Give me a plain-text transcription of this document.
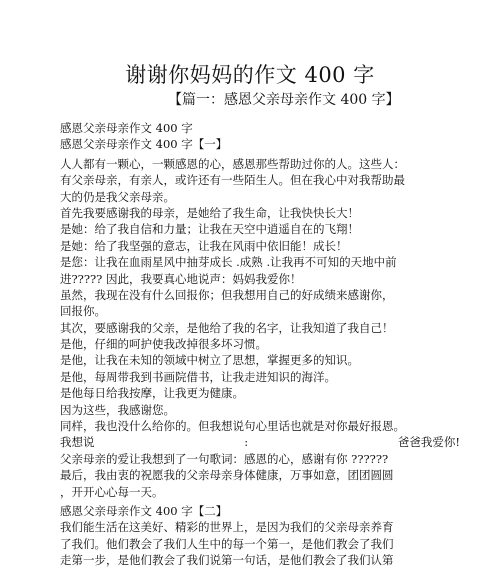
谢谢你妈妈的作文 400 字
【篇一：感恩父亲母亲作文 400 字】
感恩父亲母亲作文 400 字
感恩父亲母亲作文 400 字【一】
人人都有一颗心，一颗感恩的心，感恩那些帮助过你的人。这些人：
有父亲母亲，有亲人，或许还有一些陌生人。但在我心中对我帮助最
大的仍是我父亲母亲。
首先我要感谢我的母亲，是她给了我生命，让我快快长大！
是她：给了我自信和力量；让我在天空中逍遥自在的飞翔！
是她：给了我坚强的意志，让我在风雨中依旧能！成长！
是您：让我在血雨星风中抽芽成长 .成熟 .让我再不可知的天地中前
进????? 因此，我要真心地说声：妈妈我爱你！
虽然，我现在没有什么回报你；但我想用自己的好成绩来感谢你，
回报你。
其次，要感谢我的父亲，是他给了我的名字，让我知道了我自己！
是他，仔细的呵护使我改掉很多坏习惯。
是他，让我在未知的领域中树立了思想，掌握更多的知识。
是他，每周带我到书画院借书，让我走进知识的海洋。
是他每日给我按摩，让我更为健康。
因为这些，我感谢您。
同样，我也没什么给你的。但我想说句心里话也就是对你最好报恩。
我想说	:	爸爸我爱你!
父亲母亲的爱让我想到了一句歌词：感恩的心，感谢有你 ??????
最后，我由衷的祝愿我的父亲母亲身体健康，万事如意，团团圆圆
，开开心心每一天。
感恩父亲母亲作文 400 字【二】
我们能生活在这美好、精彩的世界上，是因为我们的父亲母亲养育
了我们。他们教会了我们人生中的每一个第一，是他们教会了我们
走第一步，是他们教会了我们说第一句话，是他们教会了我们认第
